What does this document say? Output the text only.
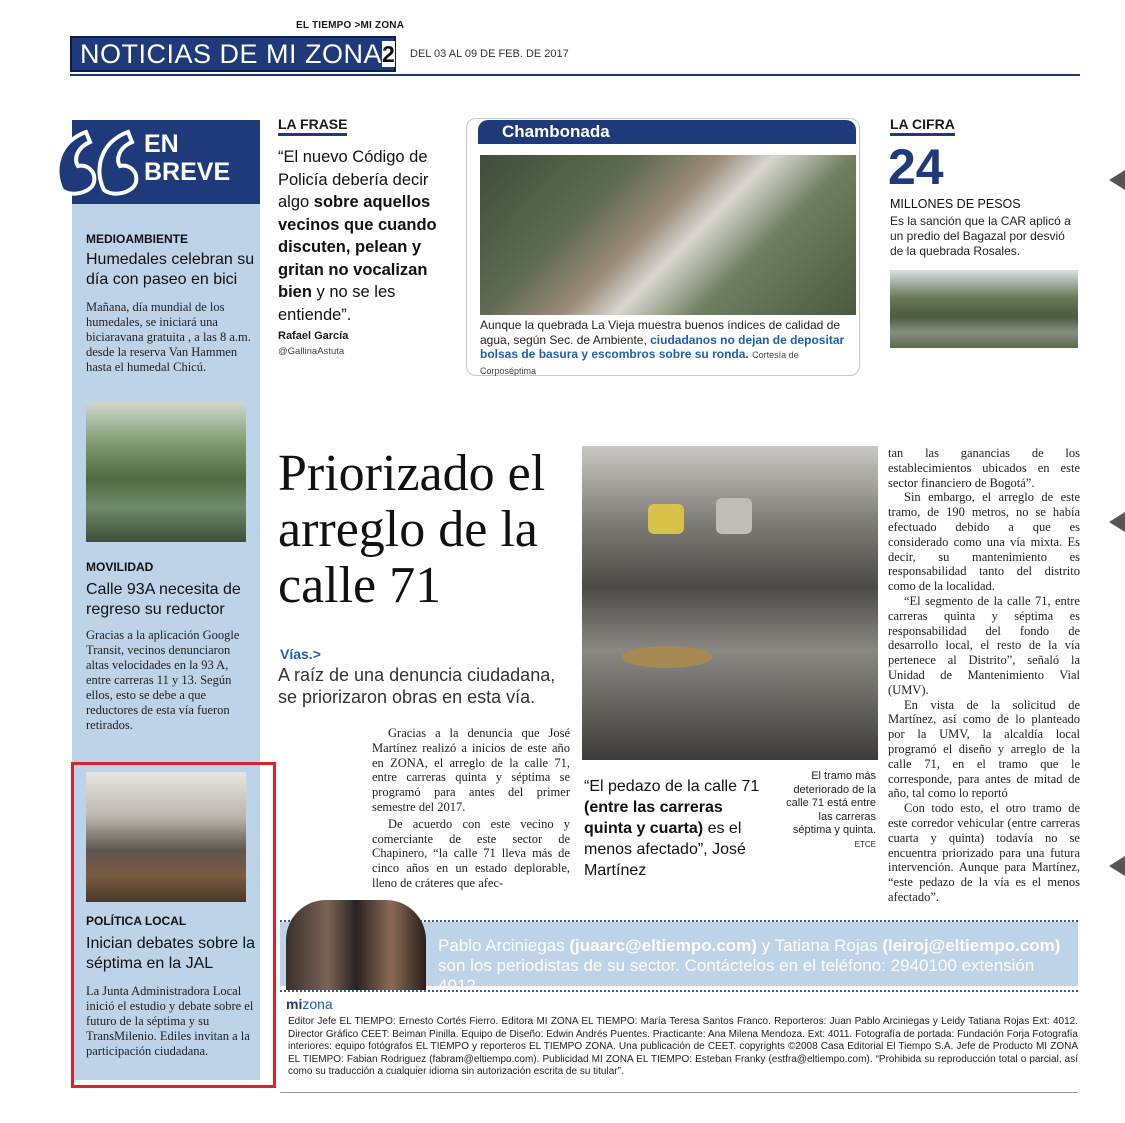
EL TIEMPO >MI ZONA
NOTICIAS DE MI ZONA 2 DEL 03 AL 09 DE FEB. DE 2017
EN
BREVE
MEDIOAMBIENTE
Humedales celebran su día con paseo en bici
Mañana, día mundial de los humedales, se iniciará una biciaravana gratuita , a las 8 a.m. desde la reserva Van Hammen hasta el humedal Chicú.
MOVILIDAD
Calle 93A necesita de regreso su reductor
Gracias a la aplicación Google Transit, vecinos denunciaron altas velocidades en la 93 A, entre carreras 11 y 13. Según ellos, esto se debe a que reductores de esta vía fueron retirados.
POLÍTICA LOCAL
Inician debates sobre la séptima en la JAL
La Junta Administradora Local inició el estudio y debate sobre el futuro de la séptima y su TransMilenio. Ediles invitan a la participación ciudadana.
LA FRASE
“El nuevo Código de Policía debería decir algo sobre aquellos vecinos que cuando discuten, pelean y gritan no vocalizan bien y no se les entiende”.
Rafael García
@GallinaAstuta
Chambonada
Aunque la quebrada La Vieja muestra buenos índices de calidad de agua, según Sec. de Ambiente, ciudadanos no dejan de depositar bolsas de basura y escombros sobre su ronda. Cortesía de Corposéptima
LA CIFRA
24
MILLONES DE PESOS
Es la sanción que la CAR aplicó a un predio del Bagazal por desvió de la quebrada Rosales.
Priorizado el arreglo de la calle 71
Vías.>
A raíz de una denuncia ciudadana, se priorizaron obras en esta vía.
Gracias a la denuncia que José Martínez realizó a inicios de este año en ZONA, el arreglo de la calle 71, entre carreras quinta y séptima se programó para antes del primer semestre del 2017.
De acuerdo con este vecino y comerciante de este sector de Chapinero, “la calle 71 lleva más de cinco años en un estado deplorable, lleno de cráteres que afec-
“El pedazo de la calle 71 (entre las carreras quinta y cuarta) es el menos afectado”, José Martínez
El tramo más deteriorado de la calle 71 está entre las carreras séptima y quinta. ETCE
tan las ganancias de los establecimientos ubicados en este sector financiero de Bogotá”.
Sin embargo, el arreglo de este tramo, de 190 metros, no se había efectuado debido a que es considerado como una vía mixta. Es decir, su mantenimiento es responsabilidad tanto del distrito como de la localidad.
“El segmento de la calle 71, entre carreras quinta y séptima es responsabilidad del fondo de desarrollo local, el resto de la vía pertenece al Distrito”, señaló la Unidad de Mantenimiento Vial (UMV).
En vista de la solicitud de Martínez, así como de lo planteado por la UMV, la alcaldía local programó el diseño y arreglo de la calle 71, en el tramo que le corresponde, para antes de mitad de año, tal como lo reportó
Con todo esto, el otro tramo de este corredor vehicular (entre carreras cuarta y quinta) todavía no se encuentra priorizado para una futura intervención. Aunque para Martínez, “este pedazo de la vía es el menos afectado”.
Pablo Arciniegas (juaarc@eltiempo.com) y Tatiana Rojas (leiroj@eltiempo.com)
son los periodistas de su sector. Contáctelos en el teléfono: 2940100 extensión 4012.
mizona
Editor Jefe EL TIEMPO: Ernesto Cortés Fierro. Editora MI ZONA EL TIEMPO: María Teresa Santos Franco. Reporteros: Juan Pablo Arciniegas y Leidy Tatiana Rojas Ext: 4012. Director Gráfico CEET: Beiman Pinilla. Equipo de Diseño: Edwin Andrés Puentes. Practicante: Ana Milena Mendoza. Ext: 4011. Fotografía de portada: Fundación Forja Fotografía interiores: equipo fotógrafos EL TIEMPO y reporteros EL TIEMPO ZONA. Una publicación de CEET. copyrights ©2008 Casa Editorial El Tiempo S.A. Jefe de Producto MI ZONA EL TIEMPO: Fabian Rodriguez (fabram@eltiempo.com). Publicidad MI ZONA EL TIEMPO: Esteban Franky (estfra@eltiempo.com). “Prohibida su reproducción total o parcial, así como su traducción a cualquier idioma sin autorización escrita de su titular”.
